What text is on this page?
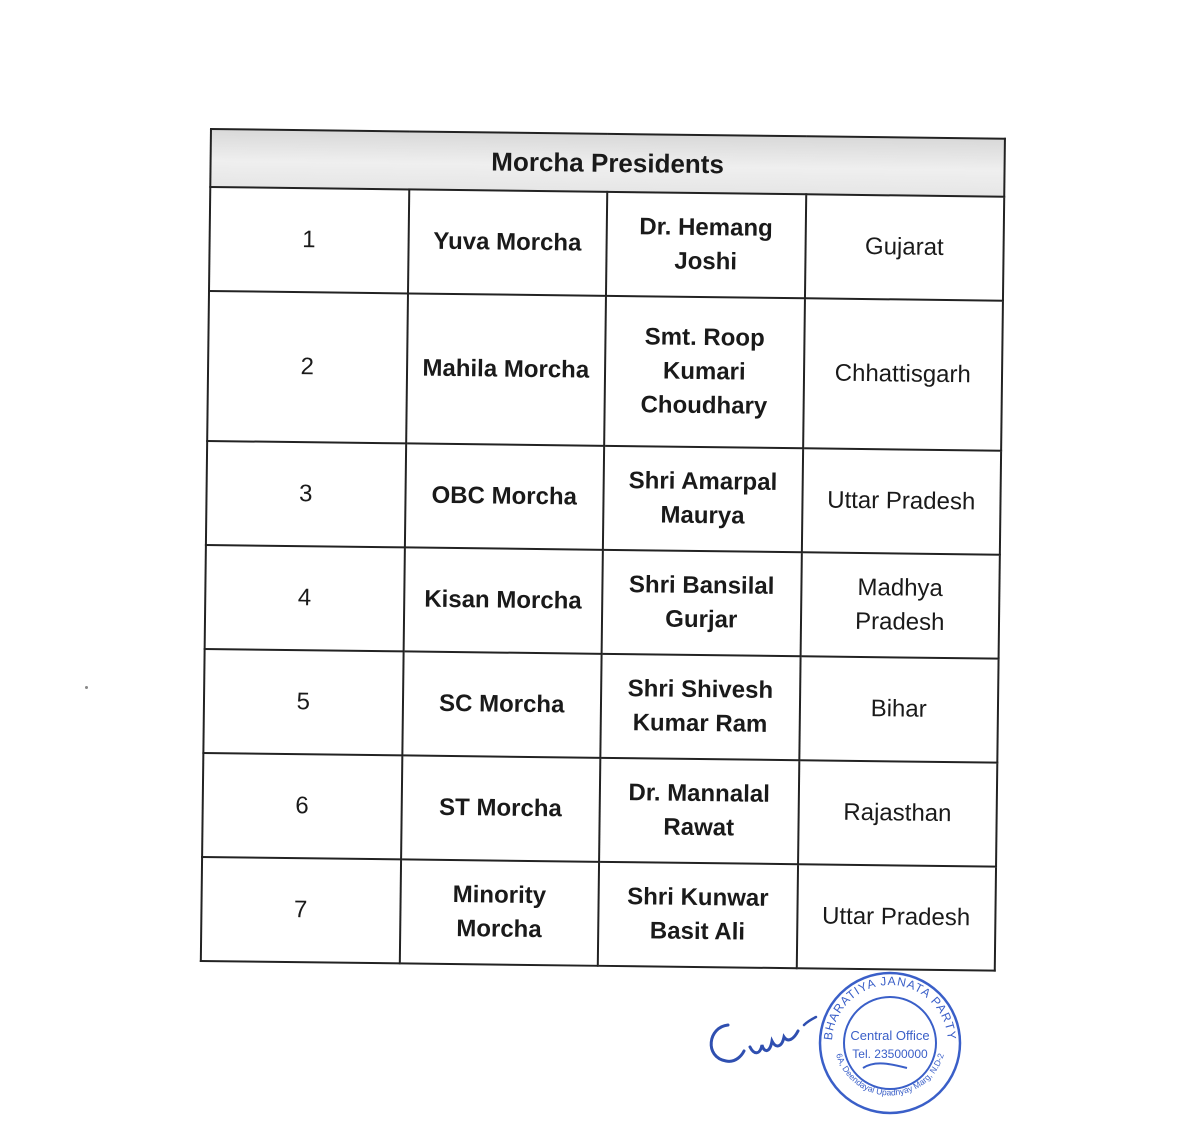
Morcha Presidents			
1	Yuva Morcha	Dr. Hemang Joshi	Gujarat
2	Mahila Morcha	Smt. Roop Kumari Choudhary	Chhattisgarh
3	OBC Morcha	Shri Amarpal Maurya	Uttar Pradesh
4	Kisan Morcha	Shri Bansilal Gurjar	Madhya Pradesh
5	SC Morcha	Shri Shivesh Kumar Ram	Bihar
6	ST Morcha	Dr. Mannalal Rawat	Rajasthan
7	Minority Morcha	Shri Kunwar Basit Ali	Uttar Pradesh
BHARATIYA JANATA PARTY
6A, Deendayal Upadhyay Marg, N.D-2
Central Office
Tel. 23500000
